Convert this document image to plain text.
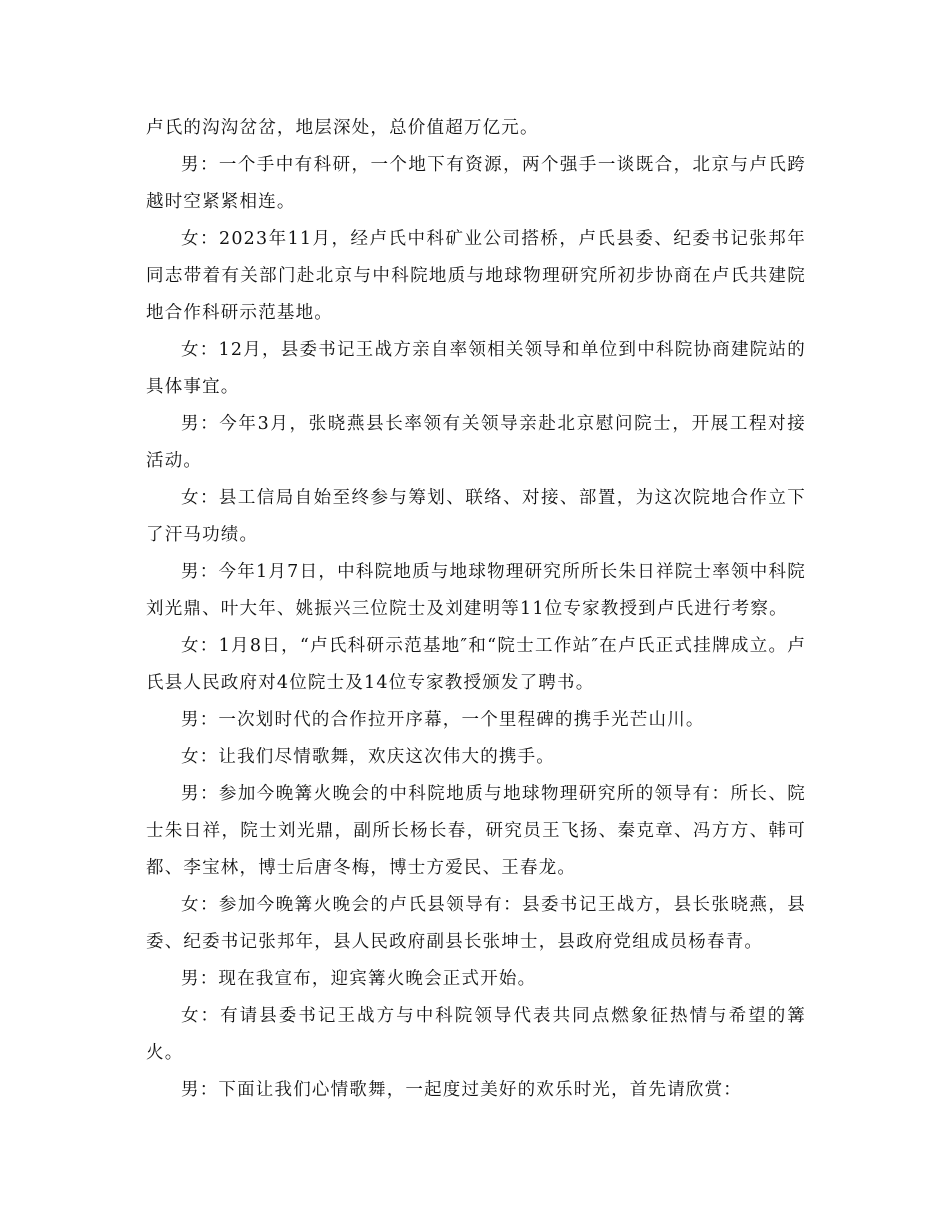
卢氏的沟沟岔岔，地层深处，总价值超万亿元。

男：一个手中有科研，一个地下有资源，两个强手一谈既合，北京与卢氏跨越时空紧紧相连。

女：2023年11月，经卢氏中科矿业公司搭桥，卢氏县委、纪委书记张邦年同志带着有关部门赴北京与中科院地质与地球物理研究所初步协商在卢氏共建院地合作科研示范基地。

女：12月，县委书记王战方亲自率领相关领导和单位到中科院协商建院站的具体事宜。

男：今年3月，张晓燕县长率领有关领导亲赴北京慰问院士，开展工程对接活动。

女：县工信局自始至终参与筹划、联络、对接、部置，为这次院地合作立下了汗马功绩。

男：今年1月7日，中科院地质与地球物理研究所所长朱日祥院士率领中科院刘光鼎、叶大年、姚振兴三位院士及刘建明等11位专家教授到卢氏进行考察。

女：1月8日，“卢氏科研示范基地″和“院士工作站″在卢氏正式挂牌成立。卢氏县人民政府对4位院士及14位专家教授颁发了聘书。

男：一次划时代的合作拉开序幕，一个里程碑的携手光芒山川。

女：让我们尽情歌舞，欢庆这次伟大的携手。

男：参加今晚篝火晚会的中科院地质与地球物理研究所的领导有：所长、院士朱日祥，院士刘光鼎，副所长杨长春，研究员王飞扬、秦克章、冯方方、韩可都、李宝林，博士后唐冬梅，博士方爱民、王春龙。

女：参加今晚篝火晚会的卢氏县领导有：县委书记王战方，县长张晓燕，县委、纪委书记张邦年，县人民政府副县长张坤士，县政府党组成员杨春青。

男：现在我宣布，迎宾篝火晚会正式开始。

女：有请县委书记王战方与中科院领导代表共同点燃象征热情与希望的篝火。

男：下面让我们心情歌舞，一起度过美好的欢乐时光，首先请欣赏：
